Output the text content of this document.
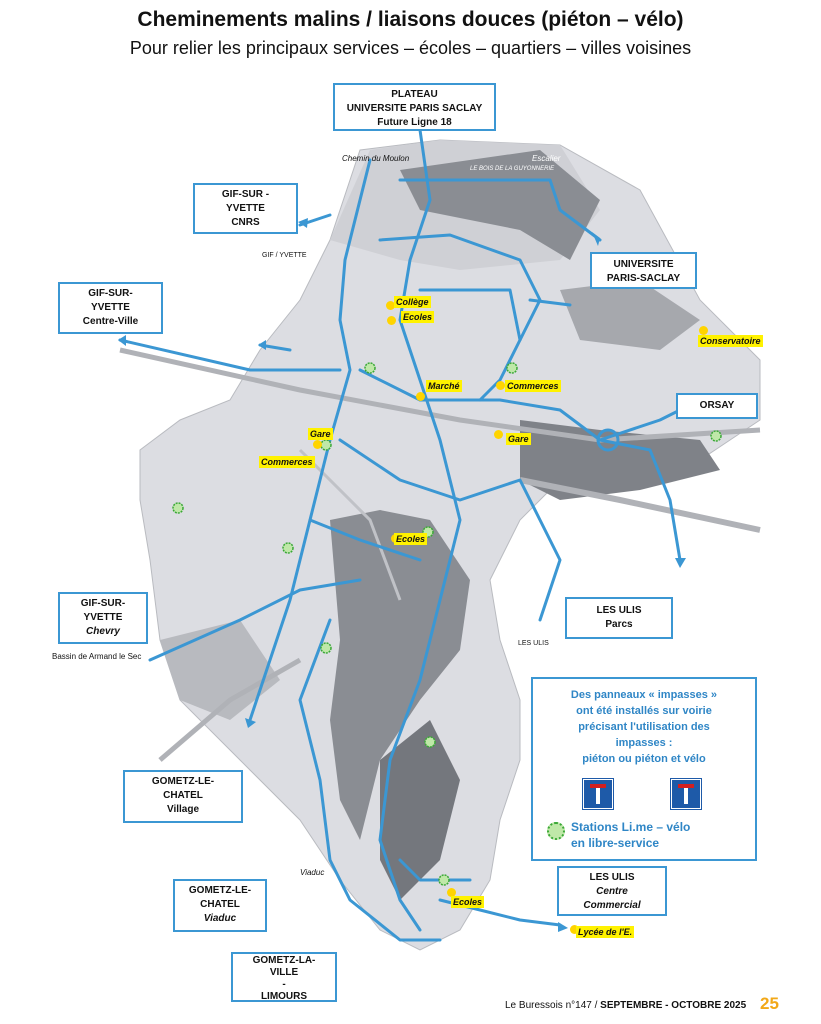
Cheminements malins / liaisons douces (piéton – vélo)
Pour relier les principaux services – écoles – quartiers – villes voisines
Chemin du Moulon	Escalier
LE BOIS DE LA GUYONNERIE
GIF / YVETTE
Bassin de Armand le Sec
Viaduc
LES ULIS
PLATEAU
UNIVERSITE PARIS SACLAY
Future Ligne 18
GIF-SUR -
YVETTE
CNRS
GIF-SUR-
YVETTE
Centre-Ville
UNIVERSITE
PARIS-SACLAY
ORSAY
GIF-SUR-
YVETTE
Chevry
LES ULIS
Parcs
GOMETZ-LE-
CHATEL
Village
GOMETZ-LE-
CHATEL
Viaduc
LES ULIS
Centre
Commercial
GOMETZ-LA-
VILLE
-
LIMOURS
Collège
Ecoles
Marché	Commerces
Gare	Gare
Commerces
Ecoles
Conservatoire
Ecoles
Lycée de l'E.
Des panneaux « impasses »
ont été installés sur voirie
précisant l'utilisation des
impasses :
piéton ou piéton et vélo
Stations Li.me – vélo
en libre-service
Le Buressois n°147 / SEPTEMBRE - OCTOBRE 2025 25
